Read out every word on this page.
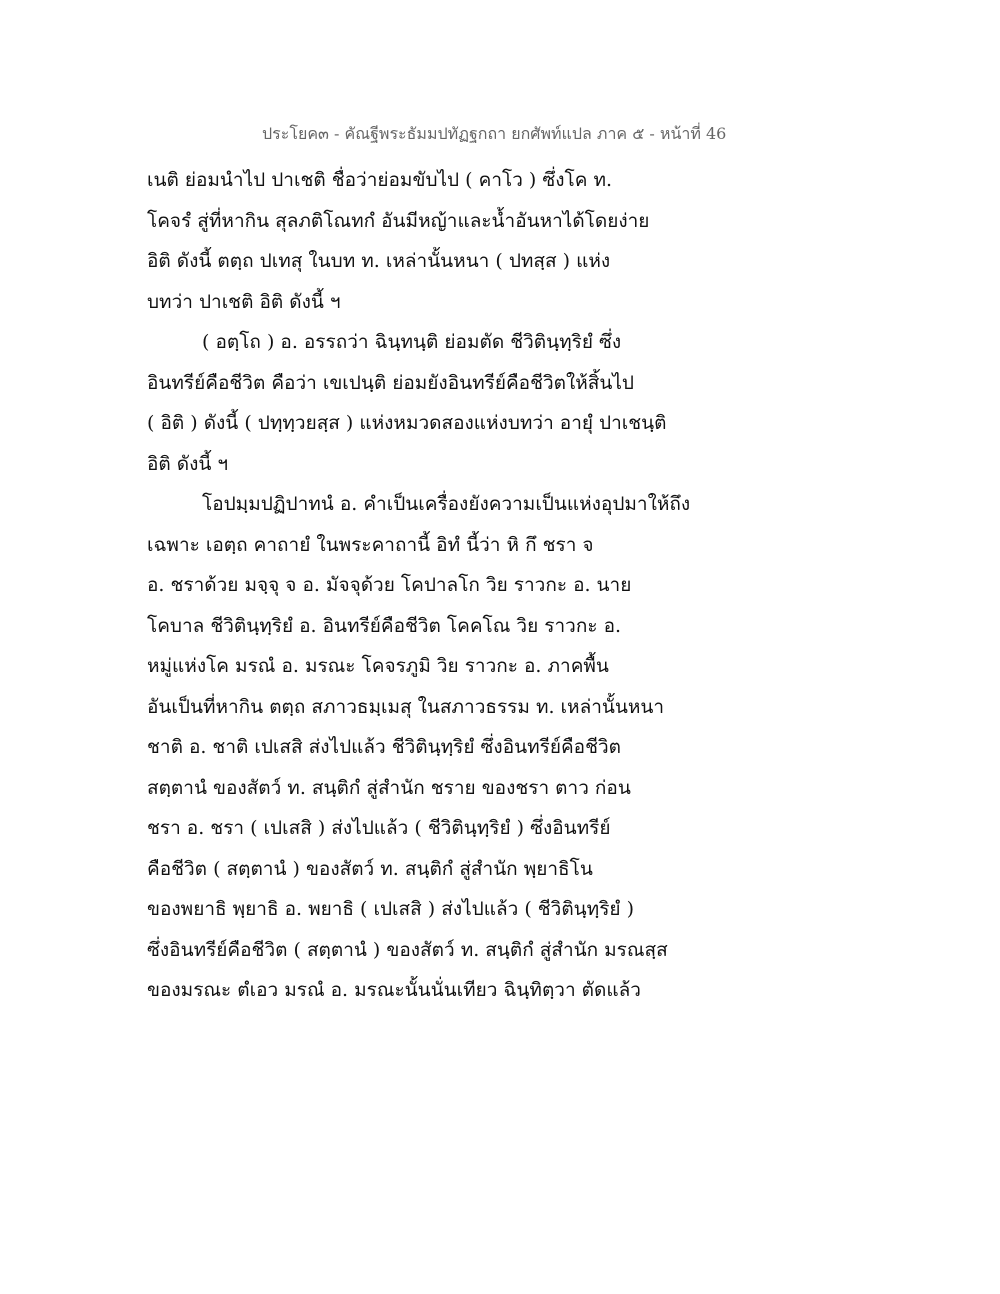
ประโยค๓ - คัณฐีพระธัมมปทัฏฐกถา ยกศัพท์แปล ภาค ๕ - หน้าที่ 46
เนติ ย่อมนำไป ปาเชติ ชื่อว่าย่อมขับไป ( คาโว ) ซึ่งโค ท.
โคจรํ สู่ที่หากิน สุลภติโณทกํ อันมีหญ้าและน้ำอันหาได้โดยง่าย
อิติ ดังนี้ ตตฺถ ปเทสุ ในบท ท. เหล่านั้นหนา ( ปทสฺส ) แห่ง
บทว่า ปาเชติ อิติ ดังนี้ ฯ
( อตฺโถ ) อ. อรรถว่า ฉินฺทนฺติ ย่อมตัด ชีวิตินฺทฺริยํ ซึ่ง
อินทรีย์คือชีวิต คือว่า เขเปนฺติ ย่อมยังอินทรีย์คือชีวิตให้สิ้นไป
( อิติ ) ดังนี้ ( ปทฺทฺวยสฺส ) แห่งหมวดสองแห่งบทว่า อายุํ ปาเชนฺติ
อิติ ดังนี้ ฯ
โอปมฺมปฏิปาทนํ อ. คำเป็นเครื่องยังความเป็นแห่งอุปมาให้ถึง
เฉพาะ เอตฺถ คาถายํ ในพระคาถานี้ อิทํ นี้ว่า หิ กึ ชรา จ
อ. ชราด้วย มจฺจุ จ อ. มัจจุด้วย โคปาลโก วิย ราวกะ อ. นาย
โคบาล ชีวิตินฺทฺริยํ อ. อินทรีย์คือชีวิต โคคโณ วิย ราวกะ อ.
หมู่แห่งโค มรณํ อ. มรณะ โคจรภูมิ วิย ราวกะ อ. ภาคพื้น
อันเป็นที่หากิน ตตฺถ สภาวธมฺเมสุ ในสภาวธรรม ท. เหล่านั้นหนา
ชาติ อ. ชาติ เปเสสิ ส่งไปแล้ว ชีวิตินฺทฺริยํ ซึ่งอินทรีย์คือชีวิต
สตฺตานํ ของสัตว์ ท. สนฺติกํ สู่สำนัก ชราย ของชรา ตาว ก่อน
ชรา อ. ชรา ( เปเสสิ ) ส่งไปแล้ว ( ชีวิตินฺทฺริยํ ) ซึ่งอินทรีย์
คือชีวิต ( สตฺตานํ ) ของสัตว์ ท. สนฺติกํ สู่สำนัก พฺยาธิโน
ของพยาธิ พฺยาธิ อ. พยาธิ ( เปเสสิ ) ส่งไปแล้ว ( ชีวิตินฺทฺริยํ )
ซึ่งอินทรีย์คือชีวิต ( สตฺตานํ ) ของสัตว์ ท. สนฺติกํ สู่สำนัก มรณสฺส
ของมรณะ ตํเอว มรณํ อ. มรณะนั้นนั่นเทียว ฉินฺทิตฺวา ตัดแล้ว
